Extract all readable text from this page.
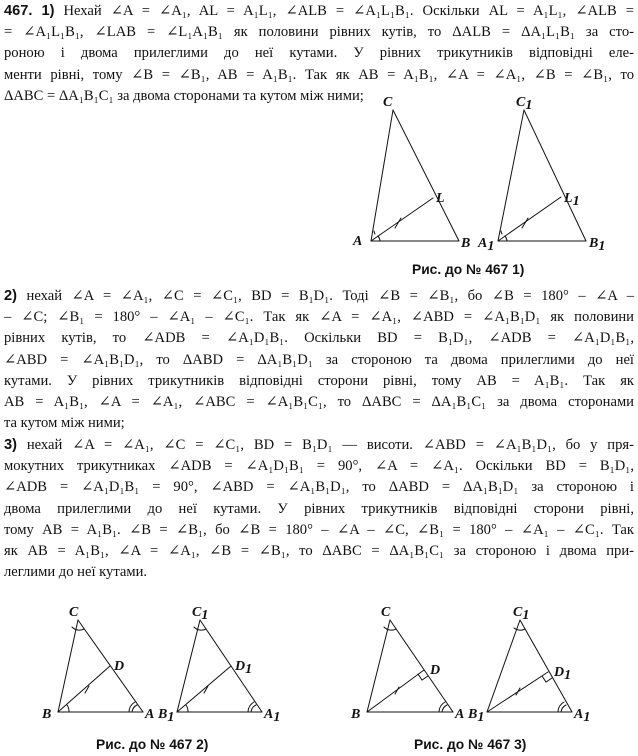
467. 1) Нехай ∠A = ∠A₁, AL = A₁L₁, ∠ALB = ∠A₁L₁B₁. Оскільки AL = A₁L₁, ∠ALB =
= ∠A₁L₁B₁, ∠LAB = ∠L₁A₁B₁ як половини рівних кутів, то ΔALB = ΔA₁L₁B₁ за сто-
роною і двома прилеглими до неї кутами. У рівних трикутників відповідні еле-
менти рівні, тому ∠B = ∠B₁, AB = A₁B₁. Так як AB = A₁B₁, ∠A = ∠A₁, ∠B = ∠B₁, то
ΔABC = ΔA₁B₁C₁ за двома сторонами та кутом між ними;	C
L
A	B
C1
L1
A1	B1
Рис. до № 467 1)
2) нехай ∠A = ∠A₁, ∠C = ∠C₁, BD = B₁D₁. Тоді ∠B = ∠B₁, бо ∠B = 180° – ∠A –
– ∠C; ∠B₁ = 180° – ∠A₁ – ∠C₁. Так як ∠A = ∠A₁, ∠ABD = ∠A₁B₁D₁ як половини
рівних кутів, то ∠ADB = ∠A₁D₁B₁. Оскільки BD = B₁D₁, ∠ADB = ∠A₁D₁B₁,
∠ABD = ∠A₁B₁D₁, то ΔABD = ΔA₁B₁D₁ за стороною та двома прилеглими до неї
кутами. У рівних трикутників відповідні сторони рівні, тому AB = A₁B₁. Так як
AB = A₁B₁, ∠A = ∠A₁, ∠ABC = ∠A₁B₁C₁, то ΔABC = ΔA₁B₁C₁ за двома сторонами
та кутом між ними;
3) нехай ∠A = ∠A₁, ∠C = ∠C₁, BD = B₁D₁ — висоти. ∠ABD = ∠A₁B₁D₁, бо у пря-
мокутних трикутниках ∠ADB = ∠A₁D₁B₁ = 90°, ∠A = ∠A₁. Оскільки BD = B₁D₁,
∠ADB = ∠A₁D₁B₁ = 90°, ∠ABD = ∠A₁B₁D₁, то ΔABD = ΔA₁B₁D₁ за стороною і
двома прилеглими до неї кутами. У рівних трикутників відповідні сторони рівні,
тому AB = A₁B₁. ∠B = ∠B₁, бо ∠B = 180° – ∠A – ∠C, ∠B₁ = 180° – ∠A₁ – ∠C₁. Так
як AB = A₁B₁, ∠A = ∠A₁, ∠B = ∠B₁, то ΔABC = ΔA₁B₁C₁ за стороною і двома при-
леглими до неї кутами.
C
D
B	A
C1
D1
B1	A1
Рис. до № 467 2)
C
D
B	A
C1
D1
B1	A1
Рис. до № 467 3)
